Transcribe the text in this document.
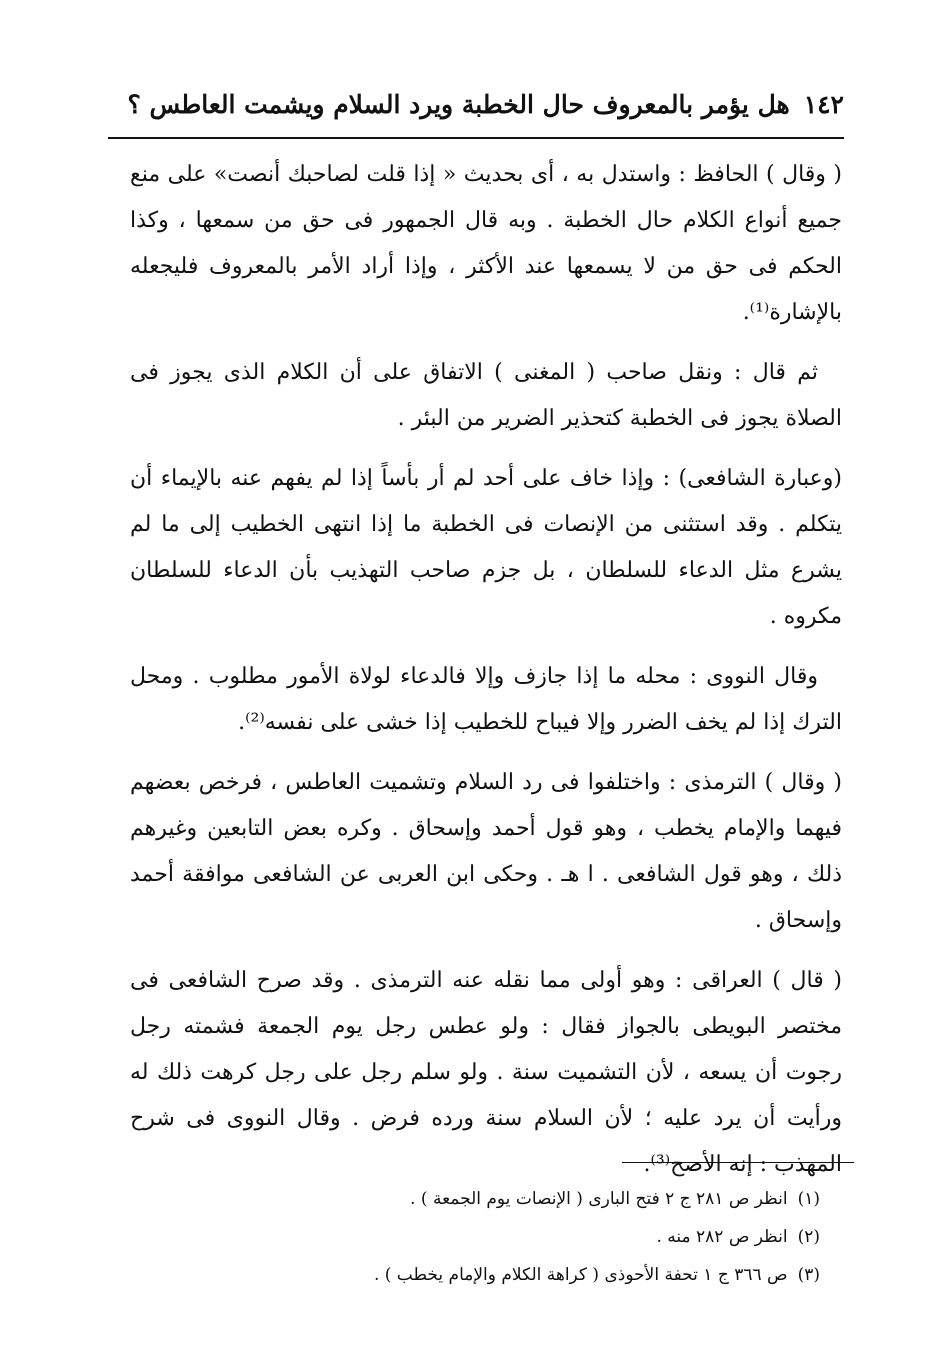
١٤٢
هل يؤمر بالمعروف حال الخطبة ويرد السلام ويشمت العاطس ؟

( وقال ) الحافظ : واستدل به ، أى بحديث « إذا قلت لصاحبك أنصت» على منع جميع أنواع الكلام حال الخطبة . وبه قال الجمهور فى حق من سمعها ، وكذا الحكم فى حق من لا يسمعها عند الأكثر ، وإذا أراد الأمر بالمعروف فليجعله بالإشارة⁽¹⁾.

ثم قال : ونقل صاحب ( المغنى ) الاتفاق على أن الكلام الذى يجوز فى الصلاة يجوز فى الخطبة كتحذير الضرير من البئر .

(وعبارة الشافعى) : وإذا خاف على أحد لم أر بأساً إذا لم يفهم عنه بالإيماء أن يتكلم . وقد استثنى من الإنصات فى الخطبة ما إذا انتهى الخطيب إلى ما لم يشرع مثل الدعاء للسلطان ، بل جزم صاحب التهذيب بأن الدعاء للسلطان مكروه .

وقال النووى : محله ما إذا جازف وإلا فالدعاء لولاة الأمور مطلوب . ومحل الترك إذا لم يخف الضرر وإلا فيباح للخطيب إذا خشى على نفسه⁽²⁾.

( وقال ) الترمذى : واختلفوا فى رد السلام وتشميت العاطس ، فرخص بعضهم فيهما والإمام يخطب ، وهو قول أحمد وإسحاق . وكره بعض التابعين وغيرهم ذلك ، وهو قول الشافعى . ا هـ . وحكى ابن العربى عن الشافعى موافقة أحمد وإسحاق .

( قال ) العراقى : وهو أولى مما نقله عنه الترمذى . وقد صرح الشافعى فى مختصر البويطى بالجواز فقال : ولو عطس رجل يوم الجمعة فشمته رجل رجوت أن يسعه ، لأن التشميت سنة . ولو سلم رجل على رجل كرهت ذلك له ورأيت أن يرد عليه ؛ لأن السلام سنة ورده فرض . وقال النووى فى شرح المهذب : إنه الأصح⁽³⁾.

(١)انظر ص ٢٨١ ج ٢ فتح البارى ( الإنصات يوم الجمعة ) .
(٢)انظر ص ٢٨٢ منه .
(٣)ص ٣٦٦ ج ١ تحفة الأحوذى ( كراهة الكلام والإمام يخطب ) .
